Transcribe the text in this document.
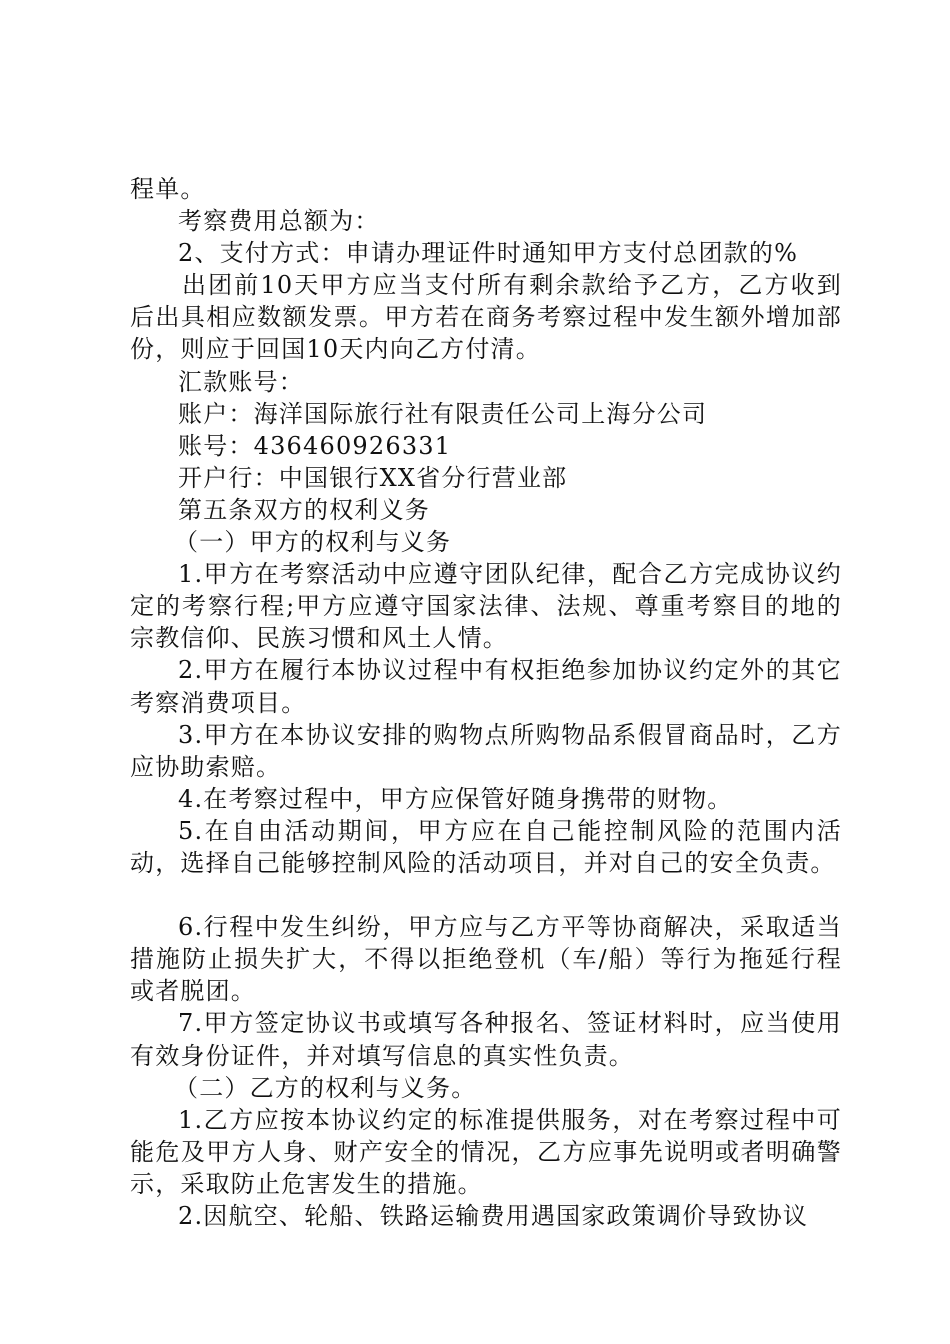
程单。

考察费用总额为：

2、支付方式：申请办理证件时通知甲方支付总团款的%

出团前10天甲方应当支付所有剩余款给予乙方，乙方收到后出具相应数额发票。甲方若在商务考察过程中发生额外增加部份，则应于回国10天内向乙方付清。

汇款账号：

账户：海洋国际旅行社有限责任公司上海分公司

账号：436460926331

开户行：中国银行XX省分行营业部

第五条双方的权利义务

（一）甲方的权利与义务

1.甲方在考察活动中应遵守团队纪律，配合乙方完成协议约定的考察行程;甲方应遵守国家法律、法规、尊重考察目的地的宗教信仰、民族习惯和风土人情。

2.甲方在履行本协议过程中有权拒绝参加协议约定外的其它考察消费项目。

3.甲方在本协议安排的购物点所购物品系假冒商品时，乙方应协助索赔。

4.在考察过程中，甲方应保管好随身携带的财物。

5.在自由活动期间，甲方应在自己能控制风险的范围内活动，选择自己能够控制风险的活动项目，并对自己的安全负责。

6.行程中发生纠纷，甲方应与乙方平等协商解决，采取适当措施防止损失扩大，不得以拒绝登机（车/船）等行为拖延行程或者脱团。

7.甲方签定协议书或填写各种报名、签证材料时，应当使用有效身份证件，并对填写信息的真实性负责。

（二）乙方的权利与义务。

1.乙方应按本协议约定的标准提供服务，对在考察过程中可能危及甲方人身、财产安全的情况，乙方应事先说明或者明确警示，采取防止危害发生的措施。

2.因航空、轮船、铁路运输费用遇国家政策调价导致协议
